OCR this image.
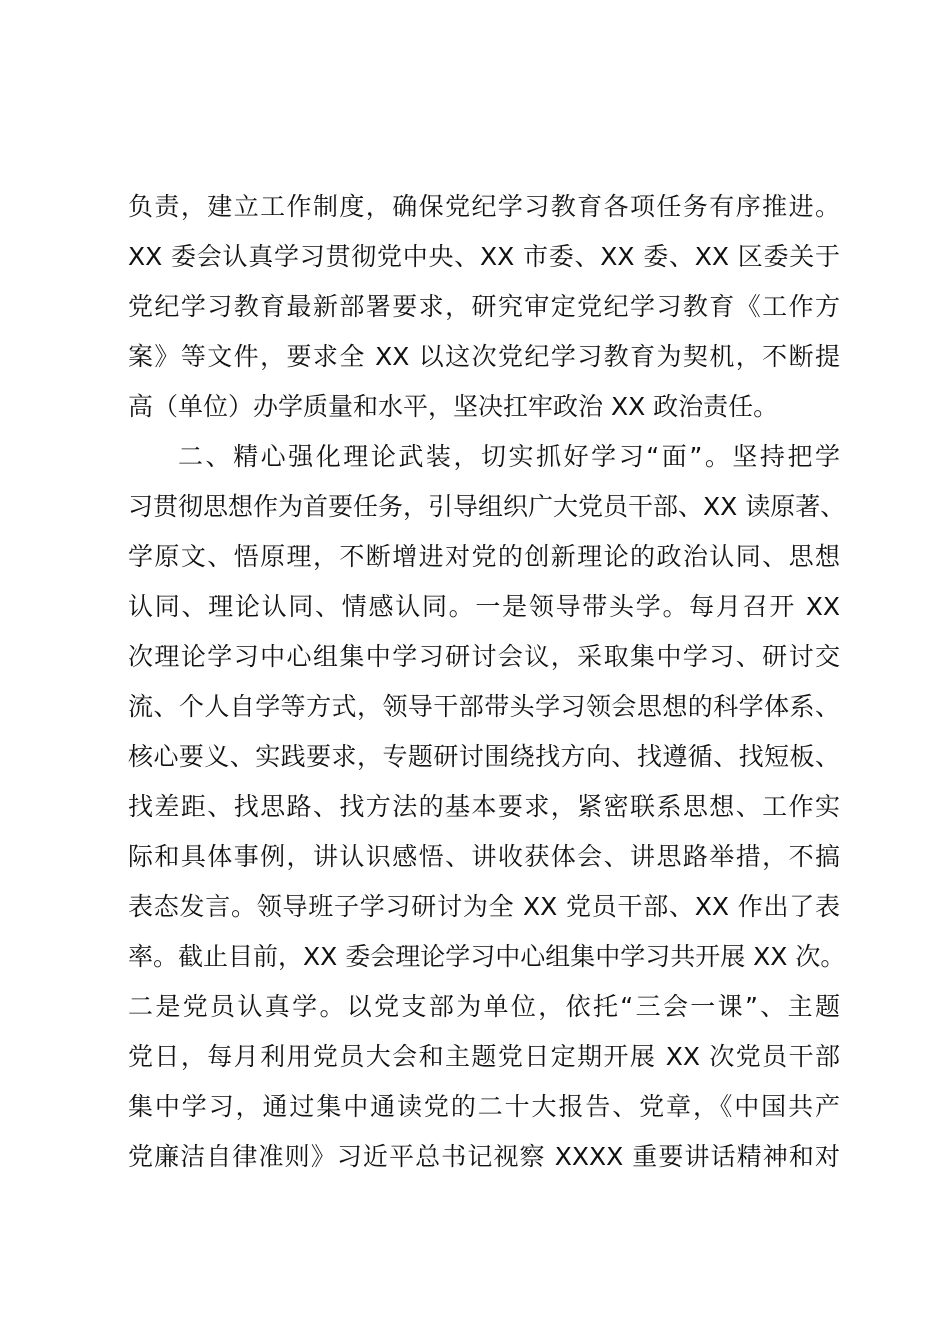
负责，建立工作制度，确保党纪学习教育各项任务有序推进。

XX 委会认真学习贯彻党中央、XX 市委、XX 委、XX 区委关于

党纪学习教育最新部署要求，研究审定党纪学习教育《工作方

案》等文件，要求全 XX 以这次党纪学习教育为契机，不断提

高（单位）办学质量和水平，坚决扛牢政治 XX 政治责任。

二、精心强化理论武装，切实抓好学习“面”。坚持把学

习贯彻思想作为首要任务，引导组织广大党员干部、XX 读原著、

学原文、悟原理，不断增进对党的创新理论的政治认同、思想

认同、理论认同、情感认同。一是领导带头学。每月召开 XX

次理论学习中心组集中学习研讨会议，采取集中学习、研讨交

流、个人自学等方式，领导干部带头学习领会思想的科学体系、

核心要义、实践要求，专题研讨围绕找方向、找遵循、找短板、

找差距、找思路、找方法的基本要求，紧密联系思想、工作实

际和具体事例，讲认识感悟、讲收获体会、讲思路举措，不搞

表态发言。领导班子学习研讨为全 XX 党员干部、XX 作出了表

率。截止目前，XX 委会理论学习中心组集中学习共开展 XX 次。

二是党员认真学。以党支部为单位，依托“三会一课”、主题

党日，每月利用党员大会和主题党日定期开展 XX 次党员干部

集中学习，通过集中通读党的二十大报告、党章，《中国共产

党廉洁自律准则》习近平总书记视察 XXXX 重要讲话精神和对
